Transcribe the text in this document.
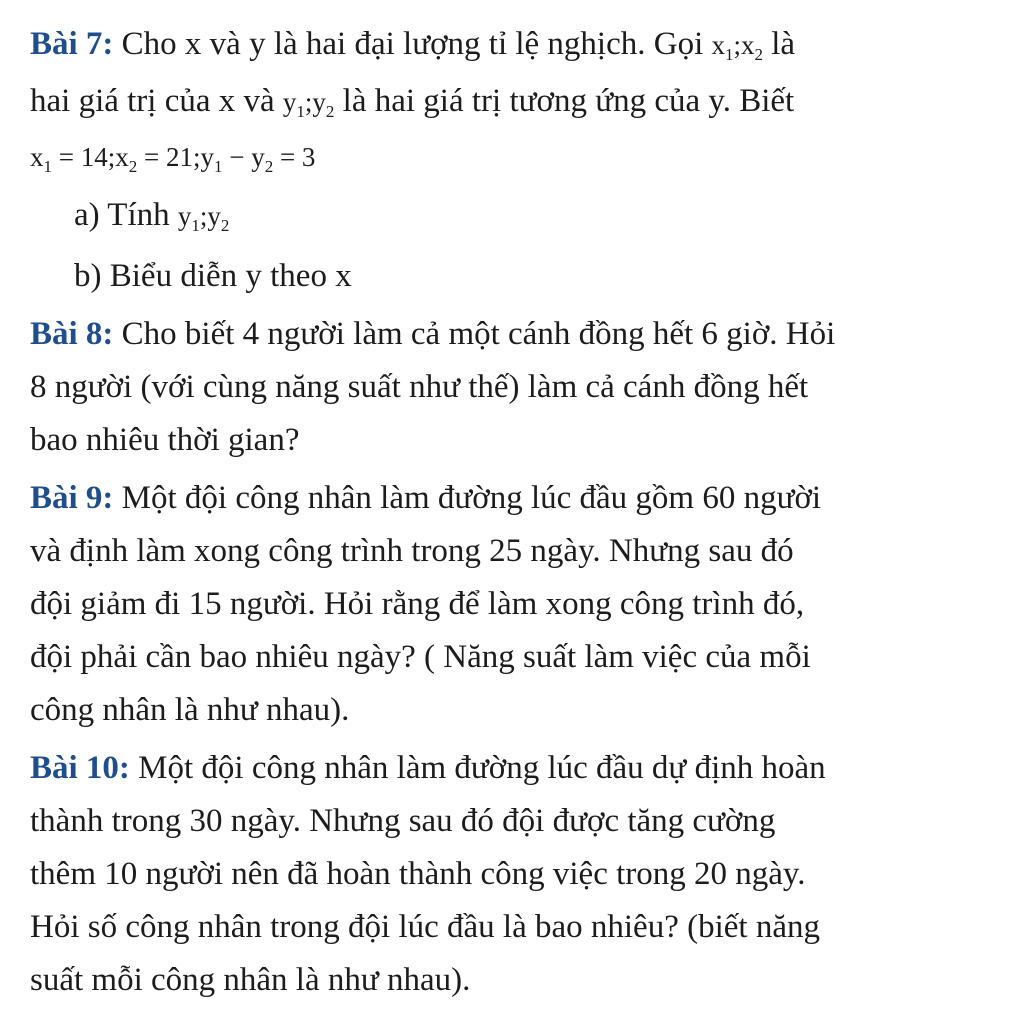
Bài 7: Cho x và y là hai đại lượng tỉ lệ nghịch. Gọi $x_1;x_2$ là
hai giá trị của x và $y_1;y_2$ là hai giá trị tương ứng của y. Biết
$x_1$ = $14;x_2$ = $21;y_1 - y_2 = 3$
a) Tính $y_1;y_2$
b) Biểu diễn y theo x
Bài 8: Cho biết 4 người làm cả một cánh đồng hết 6 giờ. Hỏi
8 người (với cùng năng suất như thế) làm cả cánh đồng hết
bao nhiêu thời gian?
Bài 9: Một đội công nhân làm đường lúc đầu gồm 60 người
và định làm xong công trình trong 25 ngày. Nhưng sau đó
đội giảm đi 15 người. Hỏi rằng để làm xong công trình đó,
đội phải cần bao nhiêu ngày? ( Năng suất làm việc của mỗi
công nhân là như nhau).
Bài 10: Một đội công nhân làm đường lúc đầu dự định hoàn
thành trong 30 ngày. Nhưng sau đó đội được tăng cường
thêm 10 người nên đã hoàn thành công việc trong 20 ngày.
Hỏi số công nhân trong đội lúc đầu là bao nhiêu? (biết năng
suất mỗi công nhân là như nhau).
